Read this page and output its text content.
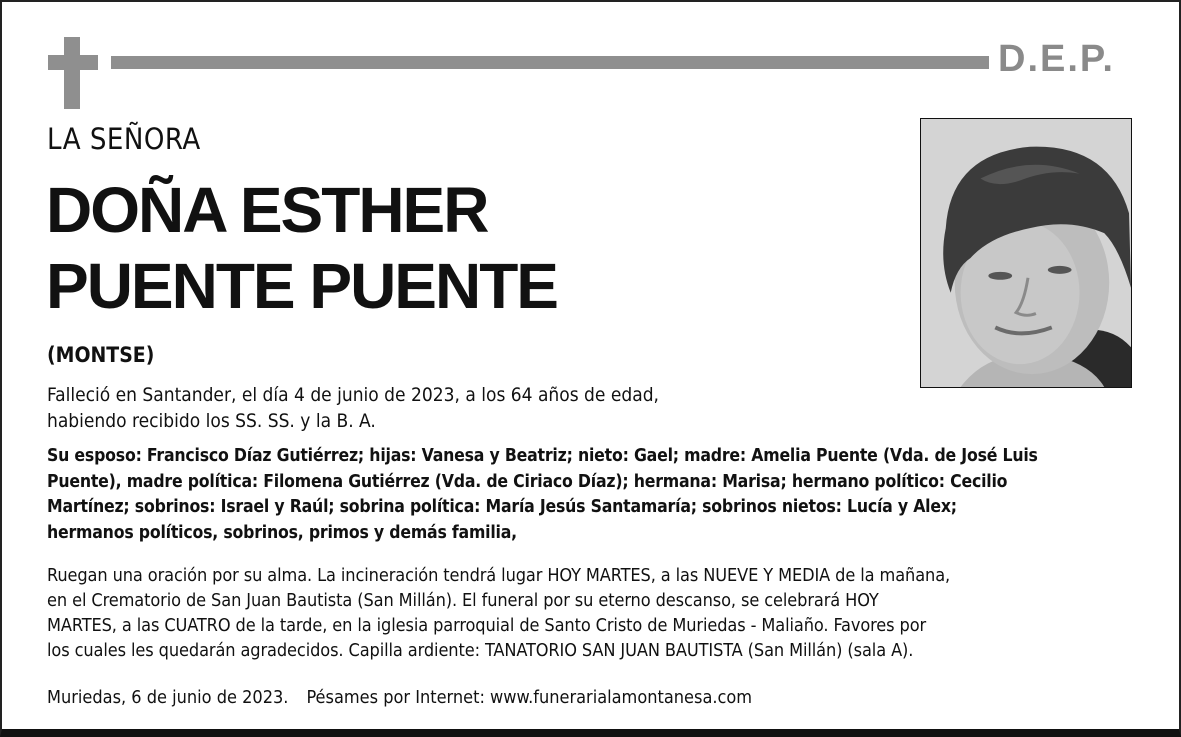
D.E.P.
LA SEÑORA
DOÑA ESTHER
PUENTE PUENTE
(MONTSE)
Falleció en Santander, el día 4 de junio de 2023, a los 64 años de edad,
habiendo recibido los SS. SS. y la B. A.
Su esposo: Francisco Díaz Gutiérrez; hijas: Vanesa y Beatriz; nieto: Gael; madre: Amelia Puente (Vda. de José Luis
Puente), madre política: Filomena Gutiérrez (Vda. de Ciriaco Díaz); hermana: Marisa; hermano político: Cecilio
Martínez; sobrinos: Israel y Raúl; sobrina política: María Jesús Santamaría; sobrinos nietos: Lucía y Alex;
hermanos políticos, sobrinos, primos y demás familia,
Ruegan una oración por su alma. La incineración tendrá lugar HOY MARTES, a las NUEVE Y MEDIA de la mañana,
en el Crematorio de San Juan Bautista (San Millán). El funeral por su eterno descanso, se celebrará HOY
MARTES, a las CUATRO de la tarde, en la iglesia parroquial de Santo Cristo de Muriedas - Maliaño. Favores por
los cuales les quedarán agradecidos. Capilla ardiente: TANATORIO SAN JUAN BAUTISTA (San Millán) (sala A).
Muriedas, 6 de junio de 2023. Pésames por Internet: www.funerarialamontanesa.com
